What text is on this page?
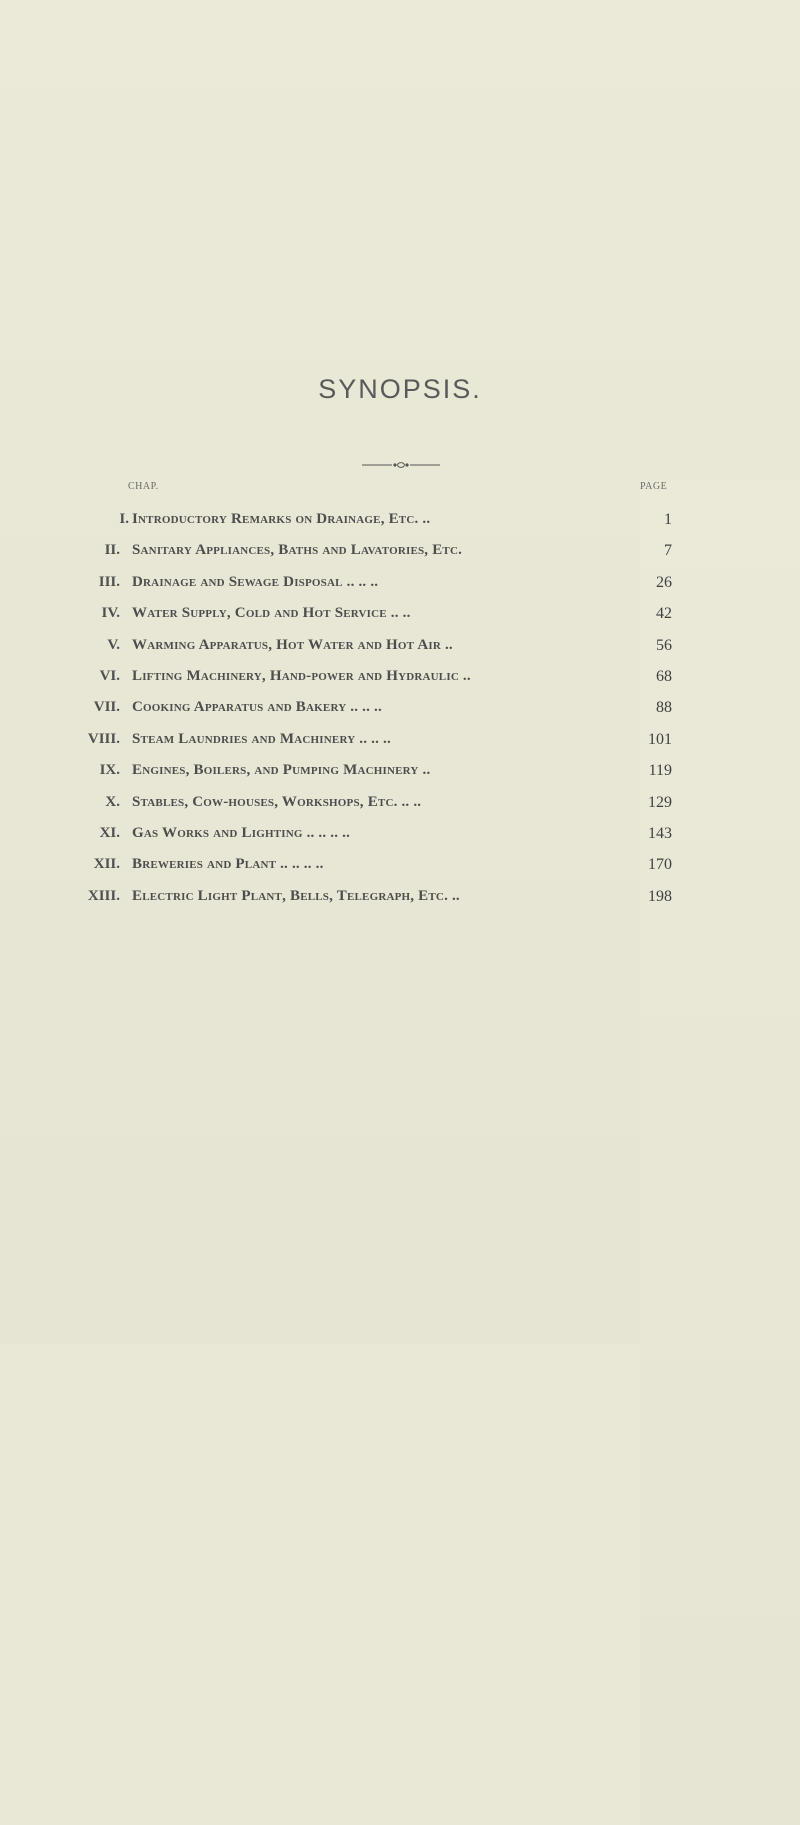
SYNOPSIS.
CHAP.	PAGE
I. Introductory Remarks on Drainage, Etc. ..	1
II. Sanitary Appliances, Baths and Lavatories, Etc.	7
III. Drainage and Sewage Disposal .. .. ..	26
IV. Water Supply, Cold and Hot Service .. ..	42
V. Warming Apparatus, Hot Water and Hot Air ..	56
VI. Lifting Machinery, Hand-power and Hydraulic ..	68
VII. Cooking Apparatus and Bakery .. .. ..	88
VIII. Steam Laundries and Machinery .. .. ..	101
IX. Engines, Boilers, and Pumping Machinery ..	119
X. Stables, Cow-houses, Workshops, Etc. .. ..	129
XI. Gas Works and Lighting .. .. .. ..	143
XII. Breweries and Plant .. .. .. ..	170
XIII. Electric Light Plant, Bells, Telegraph, Etc. ..	198
